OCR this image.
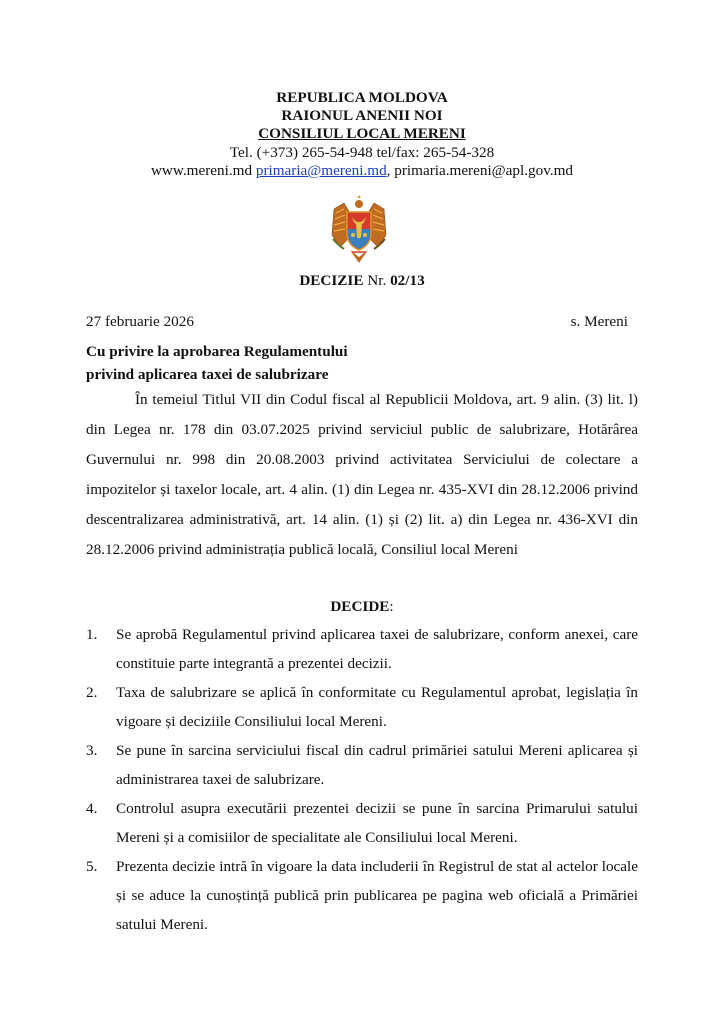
REPUBLICA MOLDOVA
RAIONUL ANENII NOI
CONSILIUL LOCAL MERENI
Tel. (+373) 265-54-948 tel/fax: 265-54-328
www.mereni.md primaria@mereni.md, primaria.mereni@apl.gov.md
DECIZIE Nr. 02/13
27 februarie 2026	s. Mereni
Cu privire la aprobarea Regulamentului
privind aplicarea taxei de salubrizare
În temeiul Titlul VII din Codul fiscal al Republicii Moldova, art. 9 alin. (3) lit. l) din Legea nr. 178 din 03.07.2025 privind serviciul public de salubrizare, Hotărârea Guvernului nr. 998 din 20.08.2003 privind activitatea Serviciului de colectare a impozitelor și taxelor locale, art. 4 alin. (1) din Legea nr. 435-XVI din 28.12.2006 privind descentralizarea administrativă, art. 14 alin. (1) și (2) lit. a) din Legea nr. 436-XVI din 28.12.2006 privind administrația publică locală, Consiliul local Mereni
DECIDE:
1. Se aprobă Regulamentul privind aplicarea taxei de salubrizare, conform anexei, care constituie parte integrantă a prezentei decizii.
2. Taxa de salubrizare se aplică în conformitate cu Regulamentul aprobat, legislația în vigoare și deciziile Consiliului local Mereni.
3. Se pune în sarcina serviciului fiscal din cadrul primăriei satului Mereni aplicarea și administrarea taxei de salubrizare.
4. Controlul asupra executării prezentei decizii se pune în sarcina Primarului satului Mereni și a comisiilor de specialitate ale Consiliului local Mereni.
5. Prezenta decizie intră în vigoare la data includerii în Registrul de stat al actelor locale și se aduce la cunoștință publică prin publicarea pe pagina web oficială a Primăriei satului Mereni.
